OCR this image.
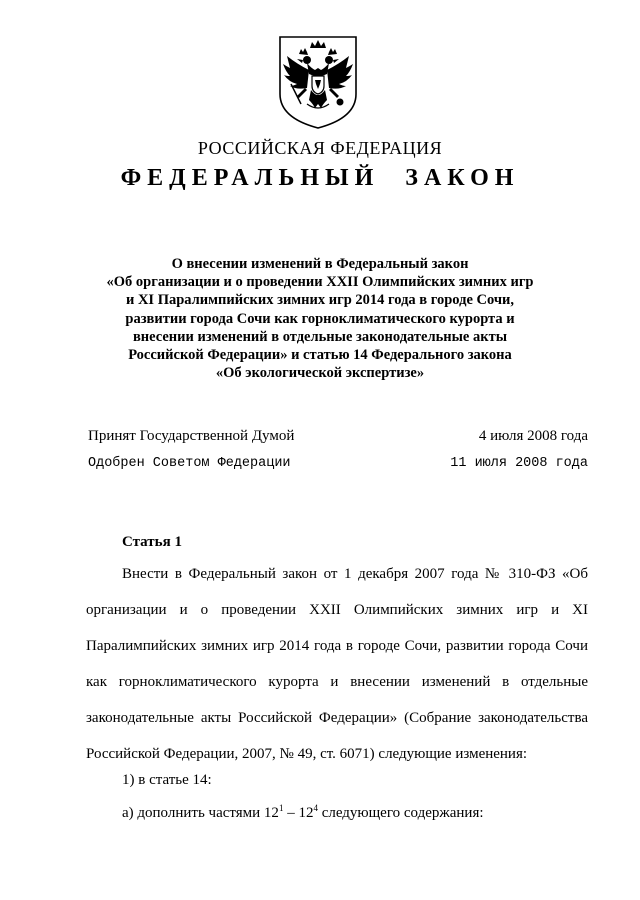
РОССИЙСКАЯ ФЕДЕРАЦИЯ
ФЕДЕРАЛЬНЫЙ ЗАКОН
О внесении изменений в Федеральный закон
«Об организации и о проведении XXII Олимпийских зимних игр
и XI Паралимпийских зимних игр 2014 года в городе Сочи,
развитии города Сочи как горноклиматического курорта и
внесении изменений в отдельные законодательные акты
Российской Федерации» и статью 14 Федерального закона
«Об экологической экспертизе»
Принят Государственной Думой	4 июля 2008 года
Одобрен Советом Федерации	11 июля 2008 года
Статья 1
Внести в Федеральный закон от 1 декабря 2007 года № 310-ФЗ «Об организации и о проведении XXII Олимпийских зимних игр и XI Паралимпийских зимних игр 2014 года в городе Сочи, развитии города Сочи как горноклиматического курорта и внесении изменений в отдельные законодательные акты Российской Федерации» (Собрание законодательства Российской Федерации, 2007, № 49, ст. 6071) следующие изменения:
1) в статье 14:
а) дополнить частями $12^1 - 12^4$ следующего содержания:
